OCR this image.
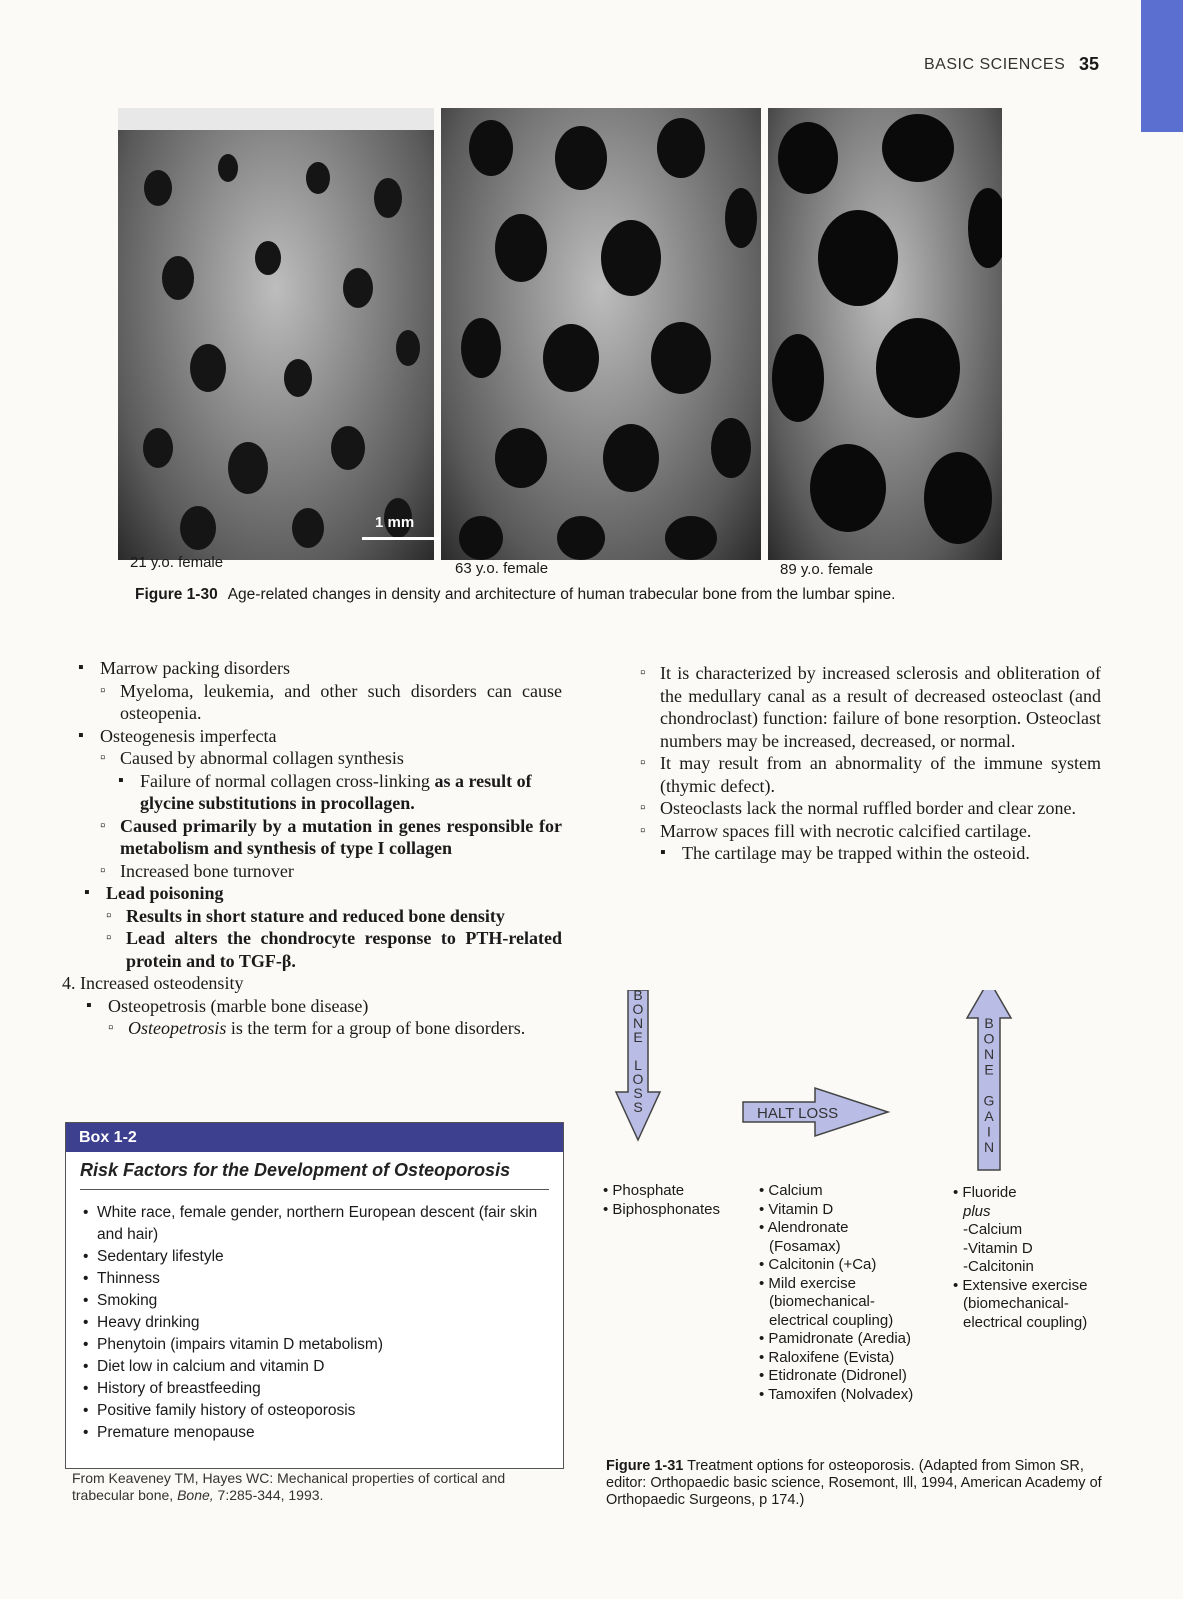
BASIC SCIENCES 35
1 mm
21 y.o. female	63 y.o. female	89 y.o. female
Figure 1-30 Age-related changes in density and architecture of human trabecular bone from the lumbar spine.
▪ Marrow packing disorders
▫ Myeloma, leukemia, and other such disorders can cause osteopenia.
▪ Osteogenesis imperfecta
▫ Caused by abnormal collagen synthesis
▪ Failure of normal collagen cross-linking as a result of glycine substitutions in procollagen.
▫ Caused primarily by a mutation in genes responsible for metabolism and synthesis of type I collagen
▫ Increased bone turnover
▪ Lead poisoning
▫ Results in short stature and reduced bone density
▫ Lead alters the chondrocyte response to PTH-related protein and to TGF-β.
4. Increased osteodensity
▪ Osteopetrosis (marble bone disease)
▫ Osteopetrosis is the term for a group of bone disorders.
▫ It is characterized by increased sclerosis and obliteration of the medullary canal as a result of decreased osteoclast (and chondroclast) function: failure of bone resorption. Osteoclast numbers may be increased, decreased, or normal.
▫ It may result from an abnormality of the immune system (thymic defect).
▫ Osteoclasts lack the normal ruffled border and clear zone.
▫ Marrow spaces fill with necrotic calcified cartilage.
▪ The cartilage may be trapped within the osteoid.
Box 1-2
Risk Factors for the Development of Osteoporosis
• White race, female gender, northern European descent (fair skin and hair)
• Sedentary lifestyle
• Thinness
• Smoking
• Heavy drinking
• Phenytoin (impairs vitamin D metabolism)
• Diet low in calcium and vitamin D
• History of breastfeeding
• Positive family history of osteoporosis
• Premature menopause
From Keaveney TM, Hayes WC: Mechanical properties of cortical and trabecular bone, Bone, 7:285-344, 1993.
B
O
N
E
L
O
S
S
B
O
N
E
G
A
I
N
HALT LOSS
• Phosphate
• Biphosphonates
• Calcium
• Vitamin D
• Alendronate
(Fosamax)
• Calcitonin (+Ca)
• Mild exercise
(biomechanical-
electrical coupling)
• Pamidronate (Aredia)
• Raloxifene (Evista)
• Etidronate (Didronel)
• Tamoxifen (Nolvadex)
• Fluoride
plus
-Calcium
-Vitamin D
-Calcitonin
• Extensive exercise
(biomechanical-
electrical coupling)
Figure 1-31 Treatment options for osteoporosis. (Adapted from Simon SR, editor: Orthopaedic basic science, Rosemont, Ill, 1994, American Academy of Orthopaedic Surgeons, p 174.)
